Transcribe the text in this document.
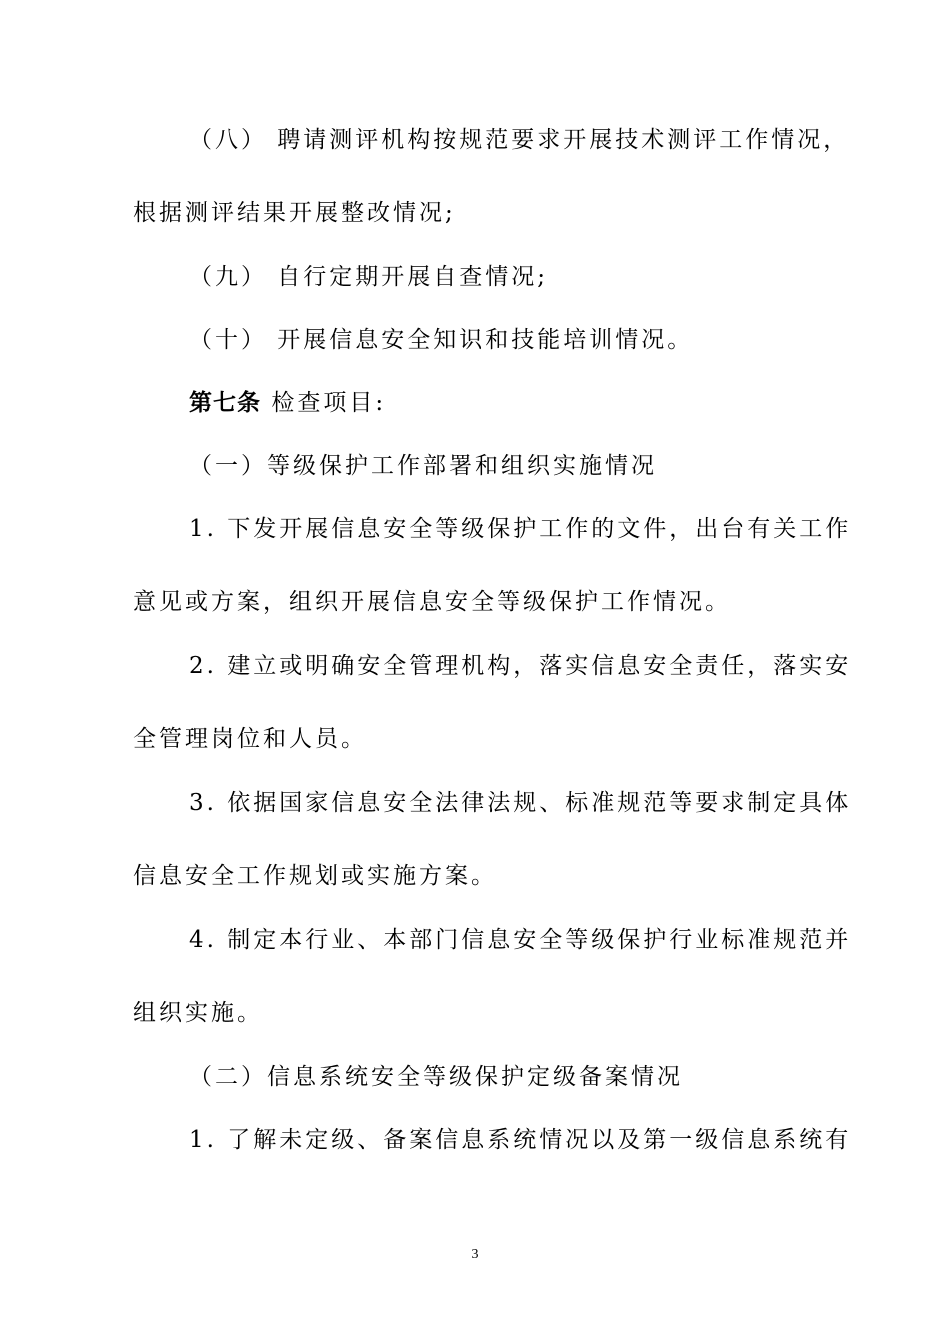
（八） 聘请测评机构按规范要求开展技术测评工作情况，
根据测评结果开展整改情况;
（九） 自行定期开展自查情况;
（十） 开展信息安全知识和技能培训情况。
第七条 检查项目:
（一）等级保护工作部署和组织实施情况
1. 下发开展信息安全等级保护工作的文件，出台有关工作
意见或方案，组织开展信息安全等级保护工作情况。
2. 建立或明确安全管理机构，落实信息安全责任，落实安
全管理岗位和人员。
3. 依据国家信息安全法律法规、标准规范等要求制定具体
信息安全工作规划或实施方案。
4. 制定本行业、本部门信息安全等级保护行业标准规范并
组织实施。
（二）信息系统安全等级保护定级备案情况
1. 了解未定级、备案信息系统情况以及第一级信息系统有
3
